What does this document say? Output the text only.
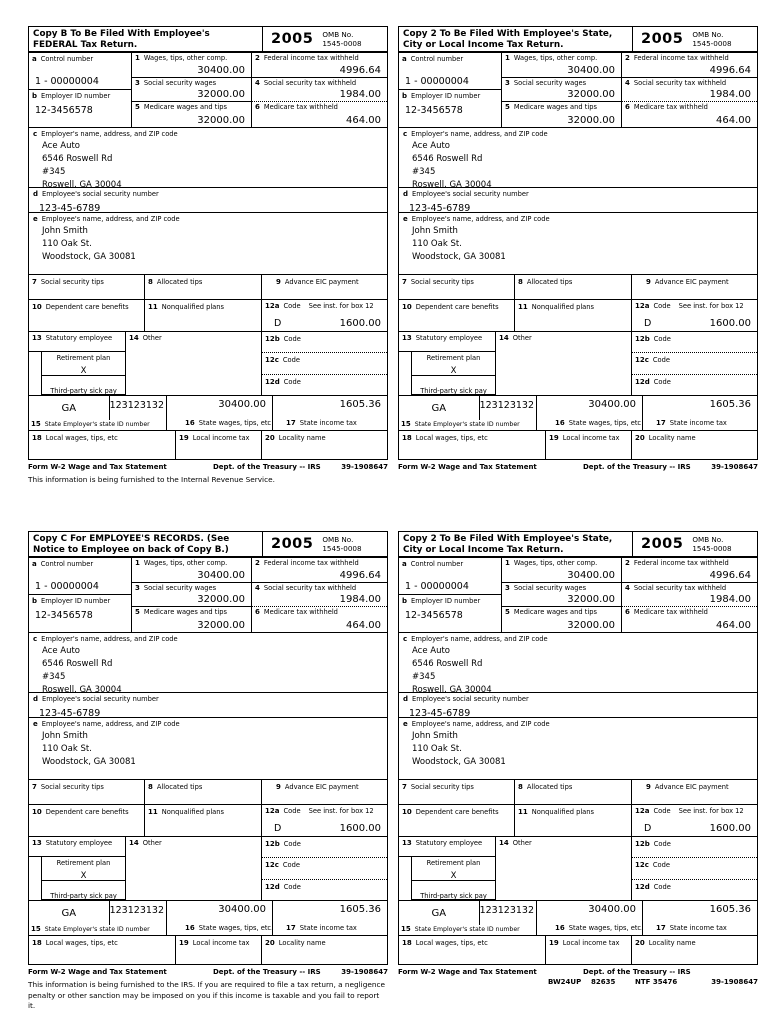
Copy B To Be Filed With Employee's
FEDERAL Tax Return.	2005 OMB No.
1545-0008
a Control number
1 - 00000004
b Employer ID number
12-3456578
1 Wages, tips, other comp.
30400.00
3 Social security wages
32000.00
5 Medicare wages and tips
32000.00
2 Federal income tax withheld
4996.64
4 Social security tax withheld
1984.00
6 Medicare tax withheld
464.00
c Employer's name, address, and ZIP code
Ace Auto
6546 Roswell Rd
#345
Roswell, GA 30004
d Employee's social security number
123-45-6789
e Employee's name, address, and ZIP code
John Smith
110 Oak St.
Woodstock, GA 30081
7 Social security tips	8 Allocated tips	9 Advance EIC payment
10 Dependent care benefits	11 Nonqualified plans	12a Code See inst. for box 12
D	1600.00
13 Statutory employee
Retirement plan
X
Third-party sick pay
14 Other	12b Code
12c Code
12d Code
GA	123123132
15 State Employer's state ID number
30400.00
16 State wages, tips, etc
1605.36
17 State income tax
18 Local wages, tips, etc	19 Local income tax	20 Locality name
Form W-2 Wage and Tax Statement	Dept. of the Treasury -- IRS	39-1908647
This information is being furnished to the Internal Revenue Service.
Copy 2 To Be Filed With Employee's State,
City or Local Income Tax Return.	2005 OMB No.
1545-0008
a Control number
1 - 00000004
b Employer ID number
12-3456578
1 Wages, tips, other comp.
30400.00
3 Social security wages
32000.00
5 Medicare wages and tips
32000.00
2 Federal income tax withheld
4996.64
4 Social security tax withheld
1984.00
6 Medicare tax withheld
464.00
c Employer's name, address, and ZIP code
Ace Auto
6546 Roswell Rd
#345
Roswell, GA 30004
d Employee's social security number
123-45-6789
e Employee's name, address, and ZIP code
John Smith
110 Oak St.
Woodstock, GA 30081
7 Social security tips	8 Allocated tips	9 Advance EIC payment
10 Dependent care benefits	11 Nonqualified plans	12a Code See inst. for box 12
D	1600.00
13 Statutory employee
Retirement plan
X
Third-party sick pay
14 Other	12b Code
12c Code
12d Code
GA	123123132
15 State Employer's state ID number
30400.00
16 State wages, tips, etc
1605.36
17 State income tax
18 Local wages, tips, etc	19 Local income tax	20 Locality name
Form W-2 Wage and Tax Statement	Dept. of the Treasury -- IRS	39-1908647
Copy C For EMPLOYEE'S RECORDS. (See
Notice to Employee on back of Copy B.)	2005 OMB No.
1545-0008
a Control number
1 - 00000004
b Employer ID number
12-3456578
1 Wages, tips, other comp.
30400.00
3 Social security wages
32000.00
5 Medicare wages and tips
32000.00
2 Federal income tax withheld
4996.64
4 Social security tax withheld
1984.00
6 Medicare tax withheld
464.00
c Employer's name, address, and ZIP code
Ace Auto
6546 Roswell Rd
#345
Roswell, GA 30004
d Employee's social security number
123-45-6789
e Employee's name, address, and ZIP code
John Smith
110 Oak St.
Woodstock, GA 30081
7 Social security tips	8 Allocated tips	9 Advance EIC payment
10 Dependent care benefits	11 Nonqualified plans	12a Code See inst. for box 12
D	1600.00
13 Statutory employee
Retirement plan
X
Third-party sick pay
14 Other	12b Code
12c Code
12d Code
GA	123123132
15 State Employer's state ID number
30400.00
16 State wages, tips, etc.
1605.36
17 State income tax
18 Local wages, tips, etc	19 Local income tax	20 Locality name
Form W-2 Wage and Tax Statement	Dept. of the Treasury -- IRS	39-1908647
This information is being furnished to the IRS. If you are required to file a tax return, a negligence penalty or other sanction may be imposed on you if this income is taxable and you fail to report it.
Copy 2 To Be Filed With Employee's State,
City or Local Income Tax Return.	2005 OMB No.
1545-0008
a Control number
1 - 00000004
b Employer ID number
12-3456578
1 Wages, tips, other comp.
30400.00
3 Social security wages
32000.00
5 Medicare wages and tips
32000.00
2 Federal income tax withheld
4996.64
4 Social security tax withheld
1984.00
6 Medicare tax withheld
464.00
c Employer's name, address, and ZIP code
Ace Auto
6546 Roswell Rd
#345
Roswell, GA 30004
d Employee's social security number
123-45-6789
e Employee's name, address, and ZIP code
John Smith
110 Oak St.
Woodstock, GA 30081
7 Social security tips	8 Allocated tips	9 Advance EIC payment
10 Dependent care benefits	11 Nonqualified plans	12a Code See inst. for box 12
D	1600.00
13 Statutory employee
Retirement plan
X
Third-party sick pay
14 Other	12b Code
12c Code
12d Code
GA	123123132
15 State Employer's state ID number
30400.00
16 State wages, tips, etc.
1605.36
17 State income tax
18 Local wages, tips, etc	19 Local income tax	20 Locality name
Form W-2 Wage and Tax Statement	Dept. of the Treasury -- IRS
BW24UP    82635	NTF 35476	39-1908647
